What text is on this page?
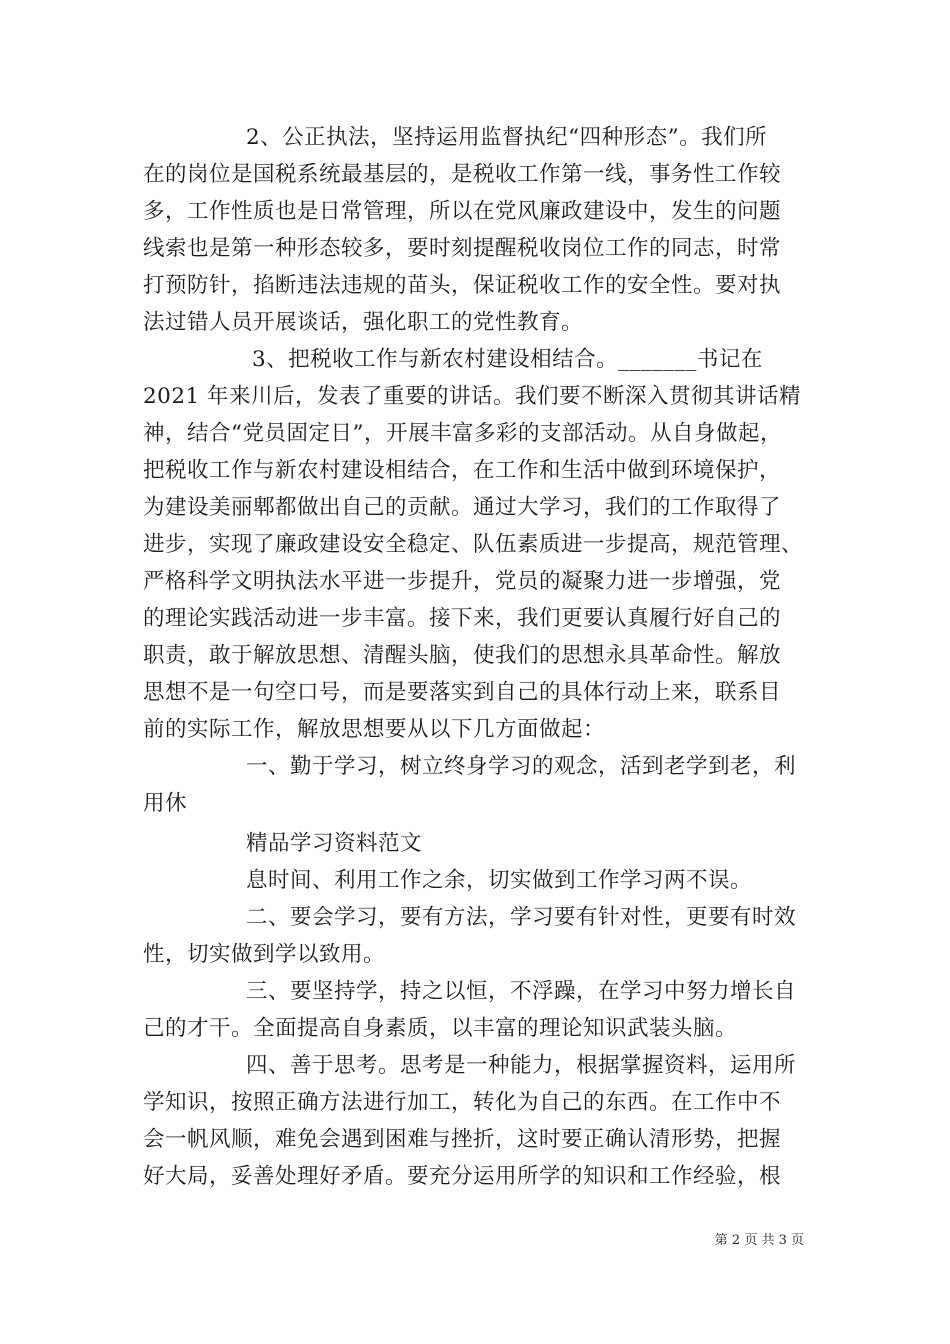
2、公正执法，坚持运用监督执纪“四种形态”。我们所
在的岗位是国税系统最基层的，是税收工作第一线，事务性工作较
多，工作性质也是日常管理，所以在党风廉政建设中，发生的问题
线索也是第一种形态较多，要时刻提醒税收岗位工作的同志，时常
打预防针，掐断违法违规的苗头，保证税收工作的安全性。要对执
法过错人员开展谈话，强化职工的党性教育。
3、把税收工作与新农村建设相结合。_______书记在
2021 年来川后，发表了重要的讲话。我们要不断深入贯彻其讲话精
神，结合“党员固定日”，开展丰富多彩的支部活动。从自身做起，
把税收工作与新农村建设相结合，在工作和生活中做到环境保护，
为建设美丽郫都做出自己的贡献。通过大学习，我们的工作取得了
进步，实现了廉政建设安全稳定、队伍素质进一步提高，规范管理、
严格科学文明执法水平进一步提升，党员的凝聚力进一步增强，党
的理论实践活动进一步丰富。接下来，我们更要认真履行好自己的
职责，敢于解放思想、清醒头脑，使我们的思想永具革命性。解放
思想不是一句空口号，而是要落实到自己的具体行动上来，联系目
前的实际工作，解放思想要从以下几方面做起：
一、勤于学习，树立终身学习的观念，活到老学到老，利
用休
精品学习资料范文
息时间、利用工作之余，切实做到工作学习两不误。
二、要会学习，要有方法，学习要有针对性，更要有时效
性，切实做到学以致用。
三、要坚持学，持之以恒，不浮躁，在学习中努力增长自
己的才干。全面提高自身素质，以丰富的理论知识武装头脑。
四、善于思考。思考是一种能力，根据掌握资料，运用所
学知识，按照正确方法进行加工，转化为自己的东西。在工作中不
会一帆风顺，难免会遇到困难与挫折，这时要正确认清形势，把握
好大局，妥善处理好矛盾。要充分运用所学的知识和工作经验，根
第 2 页 共 3 页
